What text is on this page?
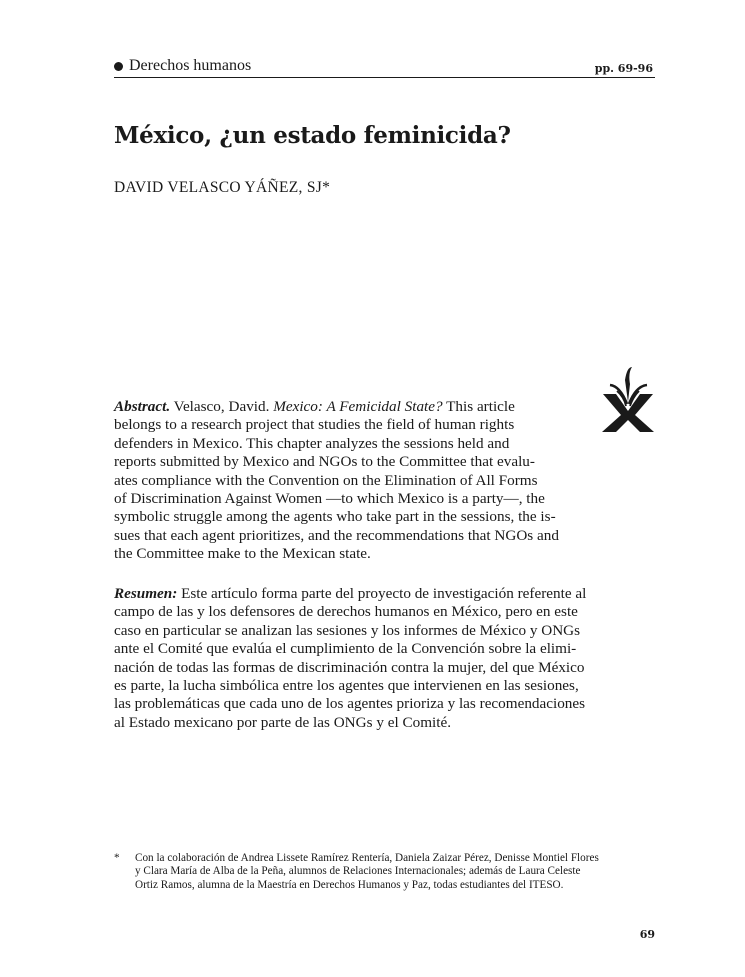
Derechos humanos	pp. 69-96
México, ¿un estado feminicida?
DAVID VELASCO YÁÑEZ, SJ*

Abstract. Velasco, David. Mexico: A Femicidal State? This article
belongs to a research project that studies the field of human rights
defenders in Mexico. This chapter analyzes the sessions held and
reports submitted by Mexico and NGOs to the Committee that evalu-
ates compliance with the Convention on the Elimination of All Forms
of Discrimination Against Women —to which Mexico is a party—, the
symbolic struggle among the agents who take part in the sessions, the is-
sues that each agent prioritizes, and the recommendations that NGOs and
the Committee make to the Mexican state.

Resumen: Este artículo forma parte del proyecto de investigación referente al
campo de las y los defensores de derechos humanos en México, pero en este
caso en particular se analizan las sesiones y los informes de México y ONGs
ante el Comité que evalúa el cumplimiento de la Convención sobre la elimi-
nación de todas las formas de discriminación contra la mujer, del que México
es parte, la lucha simbólica entre los agentes que intervienen en las sesiones,
las problemáticas que cada uno de los agentes prioriza y las recomendaciones
al Estado mexicano por parte de las ONGs y el Comité.

*	Con la colaboración de Andrea Lissete Ramírez Rentería, Daniela Zaizar Pérez, Denisse Montiel Flores
y Clara María de Alba de la Peña, alumnos de Relaciones Internacionales; además de Laura Celeste
Ortiz Ramos, alumna de la Maestría en Derechos Humanos y Paz, todas estudiantes del ITESO.
69
